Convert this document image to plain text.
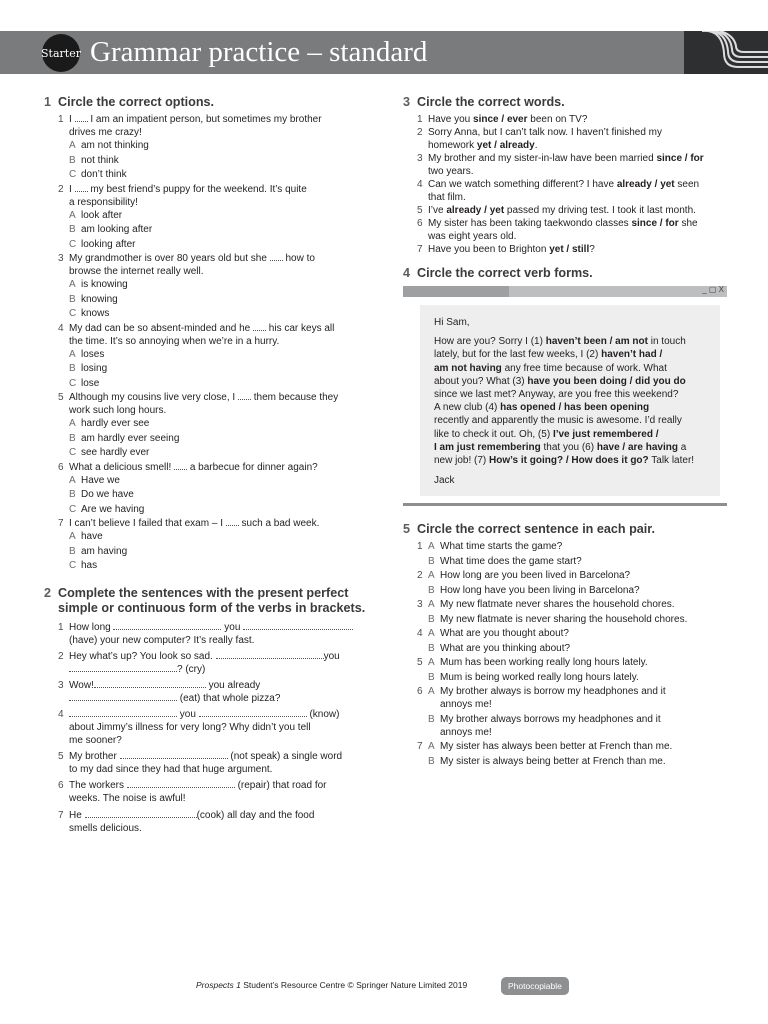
Starter Grammar practice – standard
1 Circle the correct options.
1 I I am an impatient person, but sometimes my brother
drives me crazy!
A am not thinking
B not think
C don’t think
2 I my best friend’s puppy for the weekend. It’s quite
a responsibility!
A look after
B am looking after
C looking after
3 My grandmother is over 80 years old but she how to
browse the internet really well.
A is knowing
B knowing
C knows
4 My dad can be so absent-minded and he his car keys all
the time. It’s so annoying when we’re in a hurry.
A loses
B losing
C lose
5 Although my cousins live very close, I them because they
work such long hours.
A hardly ever see
B am hardly ever seeing
C see hardly ever
6 What a delicious smell! a barbecue for dinner again?
A Have we
B Do we have
C Are we having
7 I can’t believe I failed that exam – I such a bad week.
A have
B am having
C has
2 Complete the sentences with the present perfect
simple or continuous form of the verbs in brackets.
1 How long	you
(have) your new computer? It’s really fast.
2 Hey what’s up? You look so sad.	you
? (cry)
3 Wow!	you already
(eat) that whole pizza?
4	you	(know)
about Jimmy’s illness for very long? Why didn’t you tell
me sooner?
5 My brother	(not speak) a single word
to my dad since they had that huge argument.
6 The workers	(repair) that road for
weeks. The noise is awful!
7 He	(cook) all day and the food
smells delicious.
3 Circle the correct words.
1 Have you since / ever been on TV?
2 Sorry Anna, but I can’t talk now. I haven’t finished my
homework yet / already.
3 My brother and my sister-in-law have been married since / for
two years.
4 Can we watch something different? I have already / yet seen
that film.
5 I’ve already / yet passed my driving test. I took it last month.
6 My sister has been taking taekwondo classes since / for she
was eight years old.
7 Have you been to Brighton yet / still?
4 Circle the correct verb forms.
_ ▢ X
Hi Sam,
How are you? Sorry I (1) haven’t been / am not in touch
lately, but for the last few weeks, I (2) haven’t had /
am not having any free time because of work. What
about you? What (3) have you been doing / did you do
since we last met? Anyway, are you free this weekend?
A new club (4) has opened / has been opening
recently and apparently the music is awesome. I’d really
like to check it out. Oh, (5) I’ve just remembered /
I am just remembering that you (6) have / are having a
new job! (7) How’s it going? / How does it go? Talk later!
Jack
5 Circle the correct sentence in each pair.
1 A What time starts the game?
B What time does the game start?
2 A How long are you been lived in Barcelona?
B How long have you been living in Barcelona?
3 A My new flatmate never shares the household chores.
B My new flatmate is never sharing the household chores.
4 A What are you thought about?
B What are you thinking about?
5 A Mum has been working really long hours lately.
B Mum is being worked really long hours lately.
6 A My brother always is borrow my headphones and it
annoys me!
B My brother always borrows my headphones and it
annoys me!
7 A My sister has always been better at French than me.
B My sister is always being better at French than me.
Prospects 1 Student’s Resource Centre © Springer Nature Limited 2019	Photocopiable
